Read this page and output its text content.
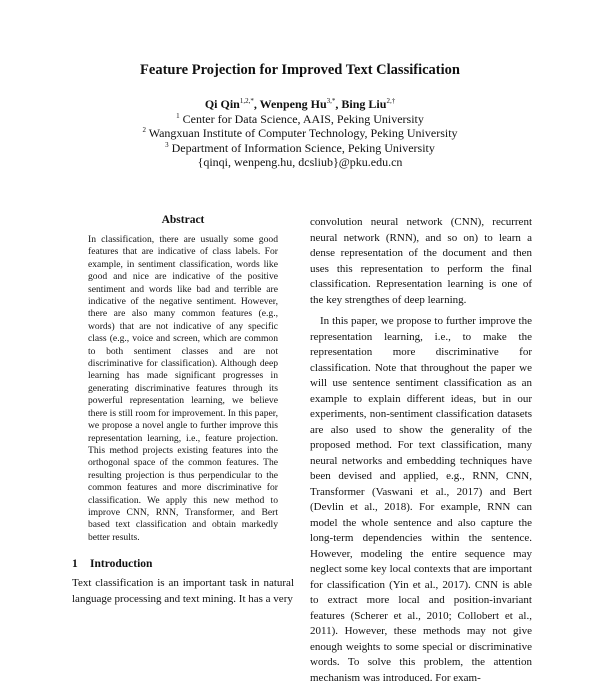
Feature Projection for Improved Text Classification
Qi Qin$^{1,2,*}$, Wenpeng $Hu^{3,*}$, Bing Liu$^{2,\dagger}$
$^1$ Center for Data Science, AAIS, Peking University
$^2$ Wangxuan Institute of Computer Technology, Peking University
$^3$ Department of Information Science, Peking University
{qinqi, wenpeng.hu, dcsliub}@pku.edu.cn
Abstract

In classification, there are usually some good features that are indicative of class labels. For example, in sentiment classification, words like good and nice are indicative of the positive sentiment and words like bad and terrible are indicative of the negative sentiment. However, there are also many common features (e.g., words) that are not indicative of any specific class (e.g., voice and screen, which are common to both sentiment classes and are not discriminative for classification). Although deep learning has made significant progresses in generating discriminative features through its powerful representation learning, we believe there is still room for improvement. In this paper, we propose a novel angle to further improve this representation learning, i.e., feature projection. This method projects existing features into the orthogonal space of the common features. The resulting projection is thus perpendicular to the common features and more discriminative for classification. We apply this new method to improve CNN, RNN, Transformer, and Bert based text classification and obtain markedly better results.

1 Introduction

Text classification is an important task in natural language processing and text mining. It has a very

convolution neural network (CNN), recurrent neural network (RNN), and so on) to learn a dense representation of the document and then uses this representation to perform the final classification. Representation learning is one of the key strengthes of deep learning.

In this paper, we propose to further improve the representation learning, i.e., to make the representation more discriminative for classification. Note that throughout the paper we will use sentence sentiment classification as an example to explain different ideas, but in our experiments, non-sentiment classification datasets are also used to show the generality of the proposed method. For text classification, many neural networks and embedding techniques have been devised and applied, e.g., RNN, CNN, Transformer (Vaswani et al., 2017) and Bert (Devlin et al., 2018). For example, RNN can model the whole sentence and also capture the long-term dependencies within the sentence. However, modeling the entire sequence may neglect some key local contexts that are important for classification (Yin et al., 2017). CNN is able to extract more local and position-invariant features (Scherer et al., 2010; Collobert et al., 2011). However, these methods may not give enough weights to some special or discriminative words. To solve this problem, the attention mechanism was introduced. For exam-
